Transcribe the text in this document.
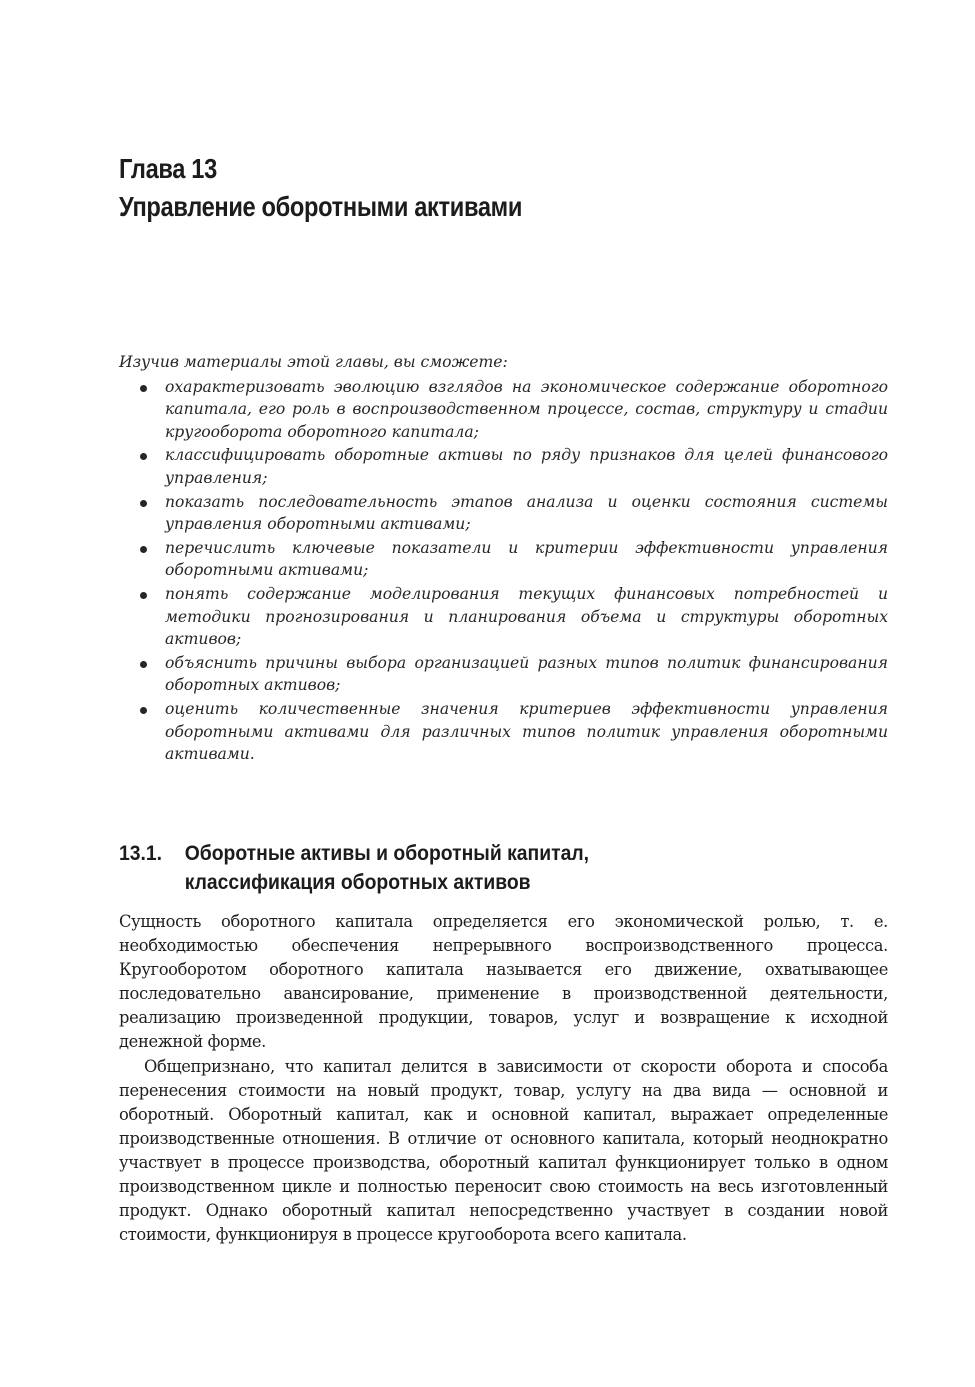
Глава 13
Управление оборотными активами

Изучив материалы этой главы, вы сможете:

охарактеризовать эволюцию взглядов на экономическое содержание оборотного капитала, его роль в воспроизводственном процессе, состав, структуру и стадии кругооборота оборотного капитала;
классифицировать оборотные активы по ряду признаков для целей финансового управления;
показать последовательность этапов анализа и оценки состояния системы управления оборотными активами;
перечислить ключевые показатели и критерии эффективности управления оборотными активами;
понять содержание моделирования текущих финансовых потребностей и методики прогнозирования и планирования объема и структуры оборотных активов;
объяснить причины выбора организацией разных типов политик финансирования оборотных активов;
оценить количественные значения критериев эффективности управления оборотными активами для различных типов политик управления оборотными активами.
13.1. Оборотные активы и оборотный капитал,
классификация оборотных активов

Сущность оборотного капитала определяется его экономической ролью, т. е. необходимостью обеспечения непрерывного воспроизводственного процесса. Кругооборотом оборотного капитала называется его движение, охватывающее последовательно авансирование, применение в производственной деятельности, реализацию произведенной продукции, товаров, услуг и возвращение к исходной денежной форме.

Общепризнано, что капитал делится в зависимости от скорости оборота и способа перенесения стоимости на новый продукт, товар, услугу на два вида — основной и оборотный. Оборотный капитал, как и основной капитал, выражает определенные производственные отношения. В отличие от основного капитала, который неоднократно участвует в процессе производства, оборотный капитал функционирует только в одном производственном цикле и полностью переносит свою стоимость на весь изготовленный продукт. Однако оборотный капитал непосредственно участвует в создании новой стоимости, функционируя в процессе кругооборота всего капитала.
